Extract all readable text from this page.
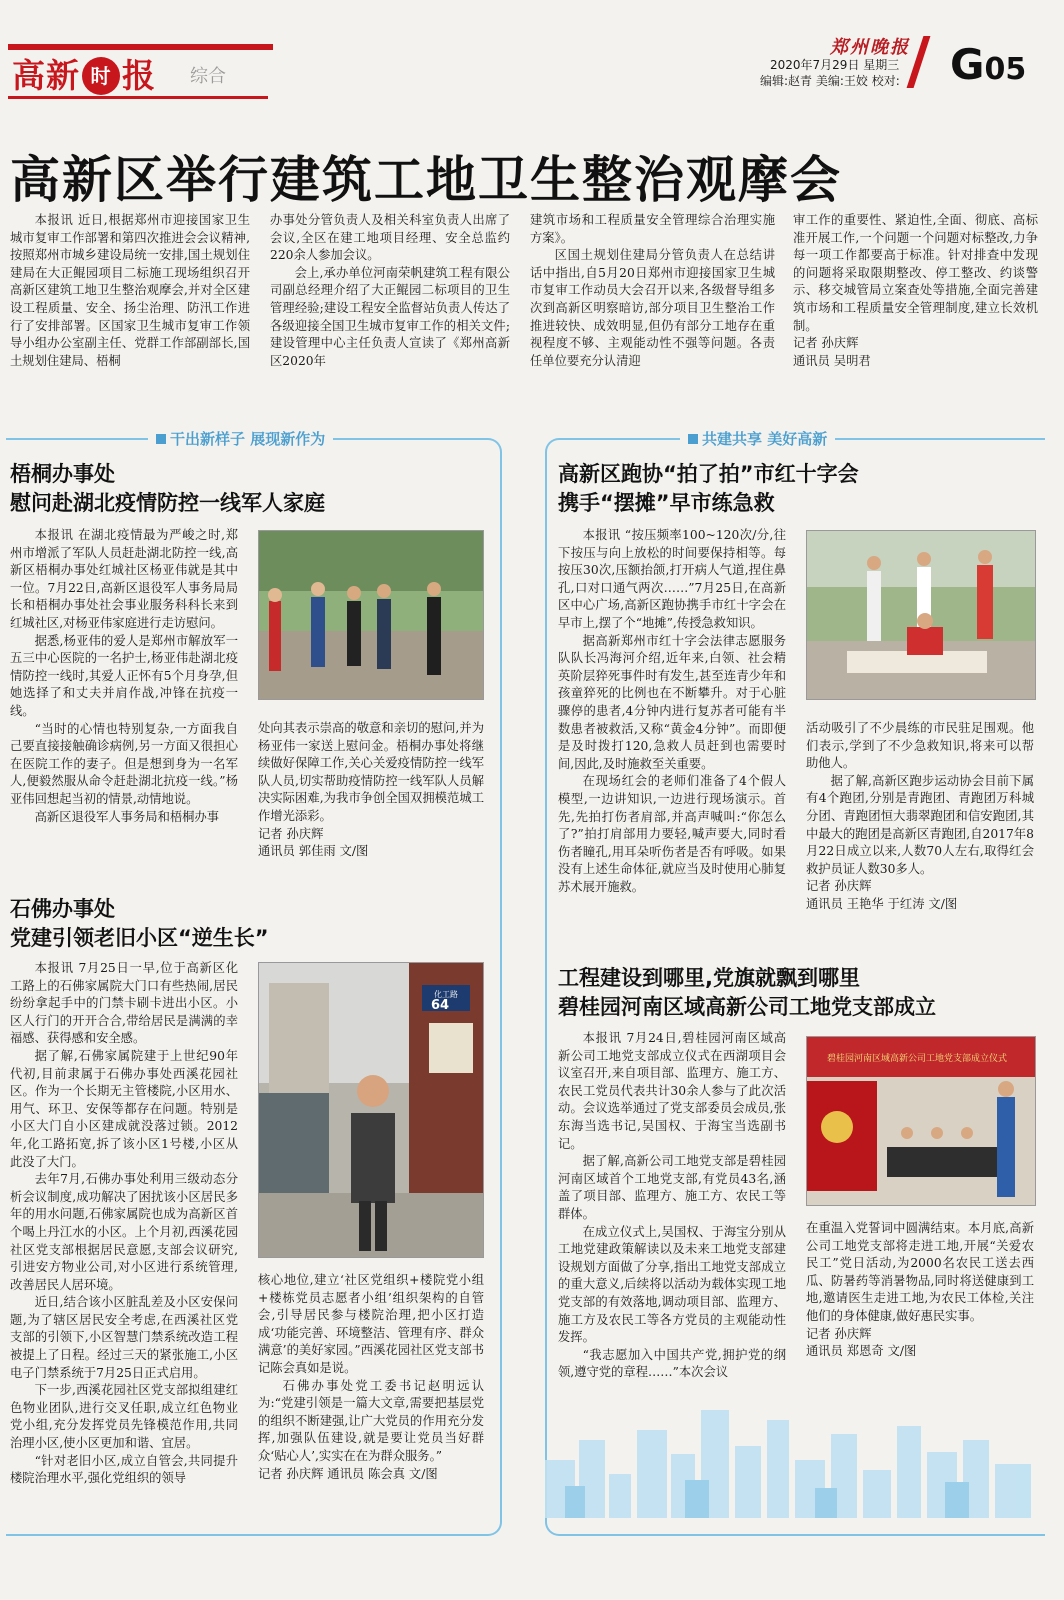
高新 时 报 综合
郑州晚报
2020年7月29日 星期三
编辑:赵青 美编:王姣 校对: G05
高新区举行建筑工地卫生整治观摩会

本报讯 近日,根据郑州市迎接国家卫生城市复审工作部署和第四次推进会会议精神,按照郑州市城乡建设局统一安排,国土规划住建局在大正鲲园项目二标施工现场组织召开高新区建筑工地卫生整治观摩会,并对全区建设工程质量、安全、扬尘治理、防汛工作进行了安排部署。区国家卫生城市复审工作领导小组办公室副主任、党群工作部副部长,国土规划住建局、梧桐

办事处分管负责人及相关科室负责人出席了会议,全区在建工地项目经理、安全总监约220余人参加会议。

会上,承办单位河南荣帆建筑工程有限公司副总经理介绍了大正鲲园二标项目的卫生管理经验;建设工程安全监督站负责人传达了各级迎接全国卫生城市复审工作的相关文件;建设管理中心主任负责人宣读了《郑州高新区2020年

建筑市场和工程质量安全管理综合治理实施方案》。

区国土规划住建局分管负责人在总结讲话中指出,自5月20日郑州市迎接国家卫生城市复审工作动员大会召开以来,各级督导组多次到高新区明察暗访,部分项目卫生整治工作推进较快、成效明显,但仍有部分工地存在重视程度不够、主观能动性不强等问题。各责任单位要充分认清迎

审工作的重要性、紧迫性,全面、彻底、高标准开展工作,一个问题一个问题对标整改,力争每一项工作都要高于标准。针对排查中发现的问题将采取限期整改、停工整改、约谈警示、移交城管局立案查处等措施,全面完善建筑市场和工程质量安全管理制度,建立长效机制。

记者 孙庆辉

通讯员 吴明君

干出新样子 展现新作为
梧桐办事处
慰问赴湖北疫情防控一线军人家庭

本报讯 在湖北疫情最为严峻之时,郑州市增派了军队人员赶赴湖北防控一线,高新区梧桐办事处红城社区杨亚伟就是其中一位。7月22日,高新区退役军人事务局局长和梧桐办事处社会事业服务科科长来到红城社区,对杨亚伟家庭进行走访慰问。

据悉,杨亚伟的爱人是郑州市解放军一五三中心医院的一名护士,杨亚伟赴湖北疫情防控一线时,其爱人正怀有5个月身孕,但她选择了和丈夫并肩作战,冲锋在抗疫一线。

“当时的心情也特别复杂,一方面我自己要直接接触确诊病例,另一方面又很担心在医院工作的妻子。但是想到身为一名军人,便毅然服从命令赶赴湖北抗疫一线。”杨亚伟回想起当初的情景,动情地说。

高新区退役军人事务局和梧桐办事

处向其表示崇高的敬意和亲切的慰问,并为杨亚伟一家送上慰问金。梧桐办事处将继续做好保障工作,关心关爱疫情防控一线军队人员,切实帮助疫情防控一线军队人员解决实际困难,为我市争创全国双拥模范城工作增光添彩。

记者 孙庆辉

通讯员 郭佳雨 文/图

石佛办事处
党建引领老旧小区“逆生长”

本报讯 7月25日一早,位于高新区化工路上的石佛家属院大门口有些热闹,居民纷纷拿起手中的门禁卡刷卡进出小区。小区人行门的开开合合,带给居民是满满的幸福感、获得感和安全感。

据了解,石佛家属院建于上世纪90年代初,目前隶属于石佛办事处西溪花园社区。作为一个长期无主管楼院,小区用水、用气、环卫、安保等都存在问题。特别是小区大门自小区建成就没落过锁。2012年,化工路拓宽,拆了该小区1号楼,小区从此没了大门。

去年7月,石佛办事处利用三级动态分析会议制度,成功解决了困扰该小区居民多年的用水问题,石佛家属院也成为高新区首个喝上丹江水的小区。上个月初,西溪花园社区党支部根据居民意愿,支部会议研究,引进安方物业公司,对小区进行系统管理,改善居民人居环境。

近日,结合该小区脏乱差及小区安保问题,为了辖区居民安全考虑,在西溪社区党支部的引领下,小区智慧门禁系统改造工程被提上了日程。经过三天的紧张施工,小区电子门禁系统于7月25日正式启用。

下一步,西溪花园社区党支部拟组建红色物业团队,进行交叉任职,成立红色物业党小组,充分发挥党员先锋模范作用,共同治理小区,使小区更加和谐、宜居。

“针对老旧小区,成立自管会,共同提升楼院治理水平,强化党组织的领导

化工路
64

核心地位,建立‘社区党组织+楼院党小组+楼栋党员志愿者小组’组织架构的自管会,引导居民参与楼院治理,把小区打造成‘功能完善、环境整洁、管理有序、群众满意’的美好家园。”西溪花园社区党支部书记陈会真如是说。

石佛办事处党工委书记赵明远认为:“党建引领是一篇大文章,需要把基层党的组织不断建强,让广大党员的作用充分发挥,加强队伍建设,就是要让党员当好群众‘贴心人’,实实在在为群众服务。”

记者 孙庆辉 通讯员 陈会真 文/图

共建共享 美好高新
高新区跑协“拍了拍”市红十字会
携手“摆摊”早市练急救

本报讯 “按压频率100~120次/分,往下按压与向上放松的时间要保持相等。每按压30次,压额抬颌,打开病人气道,捏住鼻孔,口对口通气两次……”7月25日,在高新区中心广场,高新区跑协携手市红十字会在早市上,摆了个“地摊”,传授急救知识。

据高新郑州市红十字会法律志愿服务队队长冯海河介绍,近年来,白领、社会精英阶层猝死事件时有发生,甚至连青少年和孩童猝死的比例也在不断攀升。对于心脏骤停的患者,4分钟内进行复苏者可能有半数患者被救活,又称“黄金4分钟”。而即便是及时拨打120,急救人员赶到也需要时间,因此,及时施救至关重要。

在现场红会的老师们准备了4个假人模型,一边讲知识,一边进行现场演示。首先,先拍打伤者肩部,并高声喊叫:“你怎么了?”拍打肩部用力要轻,喊声要大,同时看伤者瞳孔,用耳朵听伤者是否有呼吸。如果没有上述生命体征,就应当及时使用心肺复苏术展开施救。

活动吸引了不少晨练的市民驻足围观。他们表示,学到了不少急救知识,将来可以帮助他人。

据了解,高新区跑步运动协会目前下属有4个跑团,分别是青跑团、青跑团万科城分团、青跑团恒大翡翠跑团和信安跑团,其中最大的跑团是高新区青跑团,自2017年8月22日成立以来,人数70人左右,取得红会救护员证人数30多人。

记者 孙庆辉

通讯员 王艳华 于红涛 文/图

工程建设到哪里,党旗就飘到哪里
碧桂园河南区域高新公司工地党支部成立

本报讯 7月24日,碧桂园河南区域高新公司工地党支部成立仪式在西湖项目会议室召开,来自项目部、监理方、施工方、农民工党员代表共计30余人参与了此次活动。会议选举通过了党支部委员会成员,张东海当选书记,吴国权、于海宝当选副书记。

据了解,高新公司工地党支部是碧桂园河南区域首个工地党支部,有党员43名,涵盖了项目部、监理方、施工方、农民工等群体。

在成立仪式上,吴国权、于海宝分别从工地党建政策解读以及未来工地党支部建设规划方面做了分享,指出工地党支部成立的重大意义,后续将以活动为载体实现工地党支部的有效落地,调动项目部、监理方、施工方及农民工等各方党员的主观能动性发挥。

“我志愿加入中国共产党,拥护党的纲领,遵守党的章程……”本次会议

碧桂园河南区域高新公司工地党支部成立仪式

在重温入党誓词中圆满结束。本月底,高新公司工地党支部将走进工地,开展“关爱农民工”党日活动,为2000名农民工送去西瓜、防暑药等消暑物品,同时将送健康到工地,邀请医生走进工地,为农民工体检,关注他们的身体健康,做好惠民实事。

记者 孙庆辉

通讯员 郑恩奇 文/图
